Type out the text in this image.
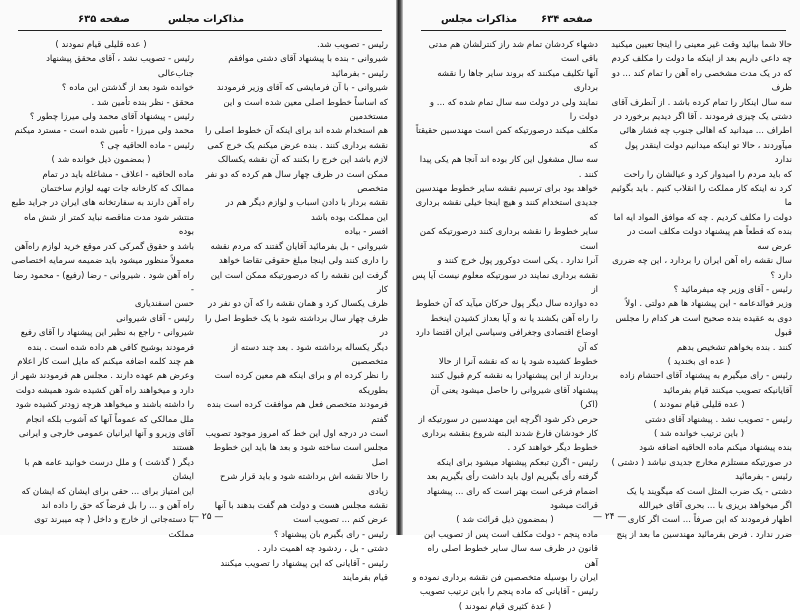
مذاکرات مجلس
صفحه ۶۳۵
رئیس - تصویب شد.
شیروانی - بنده با پیشنهاد آقای دشتی موافقم
رئیس - بفرمائید
شیروانی - با آن فرمایشی که آقای وزیر فرمودند
که اساساً خطوط اصلی معین شده است و این مستخدمین
هم استخدام شده اند برای اینکه آن خطوط اصلی را
نقشه برداری کنند . بنده عرض میکنم یک خرج کمی
لازم باشد این خرج را بکنند که آن نقشه یکسالک
ممکن است در ظرف چهار سال هم کرده که دو نفر متخصص
نقشه بردار با دادن اسباب و لوازم دیگر هم در
این مملکت بوده باشد
افسر - بیاده
شیروانی - بل بفرمائید آقایان گفتند که مردم نقشه
را داری کنند ولی اینجا مبلغ حقوقی تقاضا خواهد
گرفت این نقشه را که درصورتیکه ممکن است این کار
ظرف یکسال کرد و همان نقشه را که آن دو نفر در
ظرف چهار سال برداشته شود با یک خطوط اصل را در
دیگر یکساله برداشته شود . بعد چند دسته از متخصصین
را نظر کرده ام و برای اینکه هم معین کرده است بطوریکه
فرمودند متخصص فعل هم موافقت کرده است بنده گفتم
است در درجه اول این خط که امروز موجود تصویب
مجلس است ساخته شود و بعد ها باید این خطوط اصل
را حالا نقشه اش برداشته شود و باید قرار شرح زیادی
نقشه مجلس هست و دولت هم گفت بدهند با آنها
عرض کنم ... تصویب است
رئیس - رای بگیرم بان پیشنهاد ؟
دشتی - بل ، ردشود چه اهمیت دارد .
رئیس - آقایانی که این پیشنهاد را تصویب میکنند
قیام بفرمایند
( عده قلیلی قیام نمودند )
رئیس - تصویب نشد ، آقای محقق پیشنهاد جناب‌عالی
خوانده شود بعد از گذشتن این ماده ؟
محقق - نظر بنده تأمین شد .
رئیس - پیشنهاد آقای محمد ولی میرزا چطور ؟
محمد ولی میرزا - تأمین شده است - مسترد میکنم
رئیس - ماده الحاقیه چی ؟
( بمضمون ذیل خوانده شد )
ماده الحاقیه - اعلاف - مشاغله باید در تمام
ممالک که کارخانه جات تهیه لوازم ساختمان
راه آهن دارند به سفارتخانه های ایران در جراید طبع
منتشر شود مدت مناقصه نباید کمتر از شش ماه بوده
باشد و حقوق گمرکی کدر موقع خرید لوازم راه‌آهن
معمولاً منظور میشود باید ضمیمه سرمایه اختصاصی
راه آهن شود . شیروانی - رضا (رفیع) - محمود رضا -
حسن اسفندیاری
رئیس - آقای شیروانی
شیروانی - راجع به نظیر این پیشنهاد را آقای رفیع
فرمودند بوشیح کافی هم داده شده است . بنده
هم چند کلمه اضافه میکنم که مایل است کار اعلام
وعرض هم عهده دارند . مجلس هم فرمودند شهر از
دارد و میخواهند راه آهن کشیده شود همیشه دولت
را داشته باشند و میخواهد هرچه زودتر کشیده شود
ملل ممالکی که عموماً آنها که آشوب بلکه انجام
آقای وزیرو و آنها ایرانیان عمومی خارجی و ایرانی هستند
دیگر ( گذشت ) و ملل درست خوانید عامه هم با ایشان
این امتیاز برای ... حقی برای ایشان که ایشان که
راه آهن و ... را بل فرضاً که حق را داده اند
با دسته‌جاتی از خارج و داخل ( چه میبرند توی مملکت
— ۲۵ —
مذاکرات مجلس صفحه ۶۳۴
حالا شما بیائید وقت غیر معینی را اینجا تعیین میکنید
چه داعی داریم بعد از اینکه ما دولت را مکلف کردم
که در یک مدت مشخصی راه آهن را تمام کند ... دو ظرف
سه سال اینکار را تمام کرده باشد . از آنطرف آقای
دشتی یک چیزی فرمودند . آقا اگر دیدیم برخورد در
اطراف ... میدانید که اهالی جنوب چه فشار هائی
میآوردند ، حالا تو اینکه میدانیم دولت اینقدر پول ندارد
که باید مردم را امیدوار کرد و عیالشان را راحت
کرد نه اینکه کار مملکت را انقلاب کنیم . باید بگوئیم ما
دولت را مکلف کردیم . چه که موافق المواد ایه اما
بنده که قطعاً هم پیشنهاد دولت مکلف است در عرض سه
سال نقشه راه آهن ایران را بردارد ، این چه ضرری دارد ؟
رئیس - آقای وزیر چه میفرمائید ؟
وزیر فوائدعامه - این پیشنهاد ها هم دولتی . اولاً
دوی به عقیده بنده صحیح است هر کدام را مجلس قبول
کنند . بنده بخواهم تشخیص بدهم
( عده ای بخندید )
رئیس - رای میگیرم به پیشنهاد آقای احتشام زاده
آقایانیکه تصویب میکنند قیام بفرمائید
( عده قلیلی قیام نمودند )
رئیس - تصویب نشد . پیشنهاد آقای دشتی
( باین ترتیب خوانده شد )
بنده پیشنهاد میکنم ماده الحاقیه اضافه شود
در صورتیکه مستلزم مخارج جدیدی نباشد ( دشتی )
رئیس - بفرمائید
دشتی - یک ضرب المثل است که میگویند یا یک
اگر میخواهد بریزی با ... بحری آقای خیرالله
اظهار فرمودند که این صرفاً ... است اگر کاری
ضرر ندارد . فرض بفرمائید مهندسین ما بعد از پنج
دشهاء کردشان تمام شد راز کنترلشان هم مدتی باقی است
آنها تکلیف میکنند که بروند سایر جاها را نقشه برداری
نمایند ولی در دولت سه سال تمام شده که ... و دولت را
مکلف میکند درصورتیکه کمن است مهندسین حقیقتاً که
سه سال مشغول این کار بوده اند آنجا هم یکی پیدا کنند .
خواهد بود برای ترسیم نقشه سایر خطوط مهندسین
جدیدی استخدام کنند و هیچ اینجا خیلی نقشه برداری که
سایر خطوط را نقشه برداری کنند درصورتیکه کمن است
آنرا ندارد . یکی است دوکرور پول خرج کنند و
نقشه برداری نمایند در سورتیکه معلوم نیست آیا پس از
ده دوازده سال دیگر پول حرکان میآید که آن خطوط
را راه آهن بکشند یا نه و آیا بعداز کشیدن اینخط
اوضاع اقتصادی وجغرافی وسیاسی ایران اقتضا دارد که آن
خطوط کشیده شود یا نه که نقشه آنرا از حالا
بردارند از این پیشنهادرا به نقشه کرم قبول کنند
پیشنهاد آقای شیروانی را حاصل میشود یعنی آن (اکر)
حرص ذکر شود اگرچه این مهندسین در سورتیکه از
کار خودشان فارغ شدند البته شروع بنقشه برداری
خطوط دیگر خواهند کرد .
رئیس - اگرن تبعکم پیشنهاد میشود برای اینکه
گرفته رأی بگیریم اول باید داشت رأی بگیریم بعد
اضمام فرعی است بهتر است که رای ... پیشنهاد
قرائت میشود
( بمضمون ذیل قرائت شد )
ماده پنجم - دولت مکلف است پس از تصویب این
قانون در ظرف سه سال سایر خطوط اصلی راه آهن
ایران را بوسیله متخصصین فن نقشه برداری نموده و
رئیس - آقایانی که ماده پنجم را باین ترتیب تصویب
( عدة کثیری قیام نمودند )
— ۲۴ —
